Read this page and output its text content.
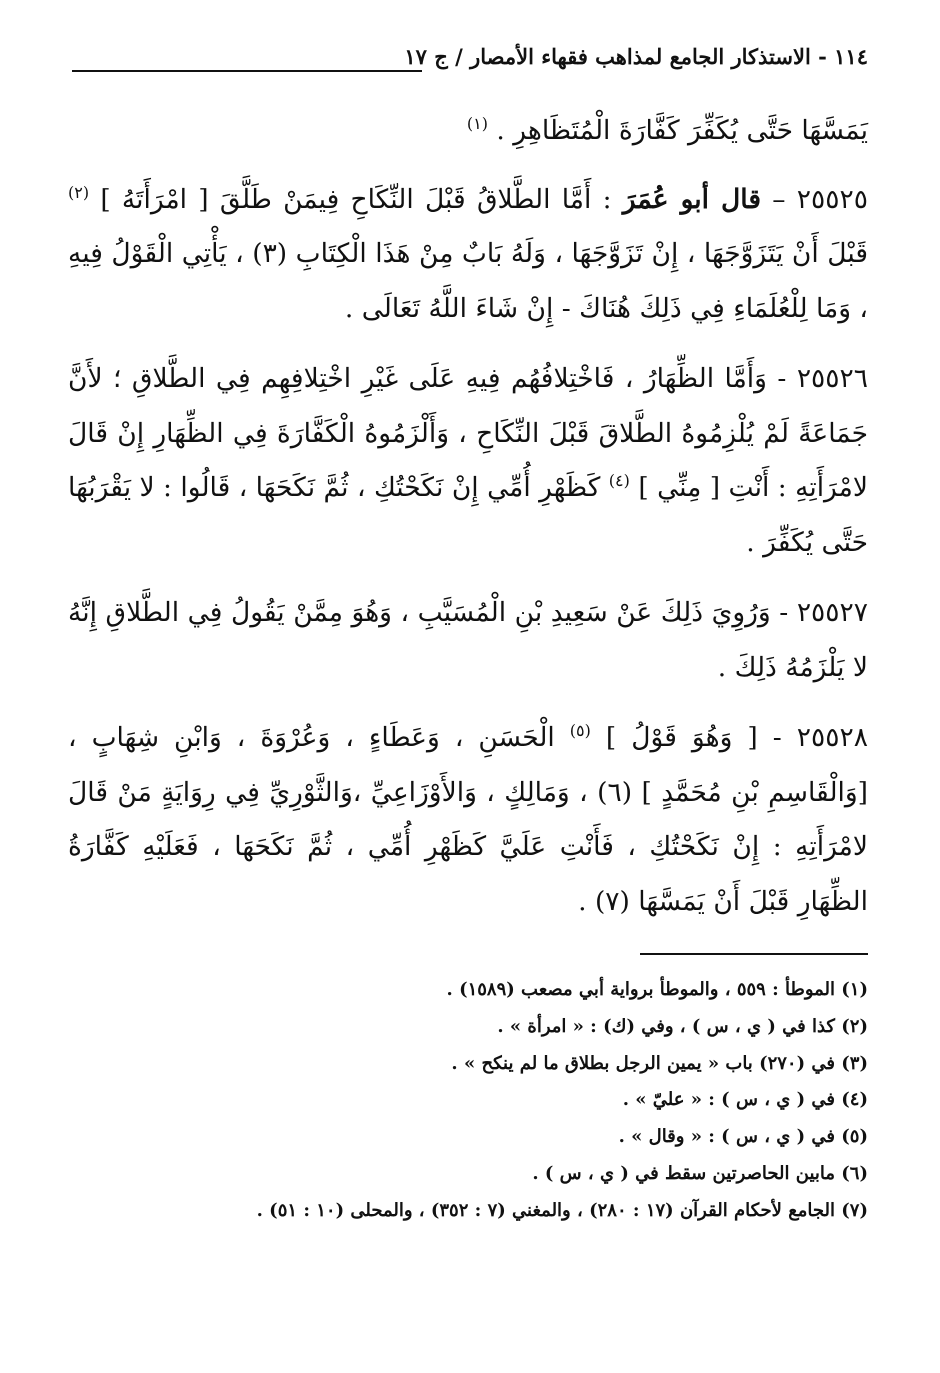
١١٤ - الاستذكار الجامع لمذاهب فقهاء الأمصار / ج ١٧

يَمَسَّهَا حَتَّى يُكَفِّرَ كَفَّارَةَ الْمُتَظَاهِرِ . $^{(١)}$

٢٥٥٢٥ – قال أبو عُمَرَ : أَمَّا الطَّلاقُ قَبْلَ النِّكَاحِ فِيمَنْ طَلَّقَ [ امْرَأَتَهُ ] $^{(٢)}$ قَبْلَ أَنْ يَتَزَوَّجَهَا ، إِنْ تَزَوَّجَهَا ، وَلَهُ بَابٌ مِنْ هَذَا الْكِتَابِ (٣) ، يَأْتِي الْقَوْلُ فِيهِ ، وَمَا لِلْعُلَمَاءِ فِي ذَلِكَ هُنَاكَ - إِنْ شَاءَ اللَّهُ تَعَالَى .

٢٥٥٢٦ - وَأَمَّا الظِّهَارُ ، فَاخْتِلافُهُم فِيهِ عَلَى غَيْرِ اخْتِلافِهِم فِي الطَّلاقِ ؛ لأَنَّ جَمَاعَةً لَمْ يُلْزِمُوهُ الطَّلاقَ قَبْلَ النِّكَاحِ ، وَأَلْزَمُوهُ الْكَفَّارَةَ فِي الظِّهَارِ إِنْ قَالَ لامْرَأَتِهِ : أَنْتِ [ مِنِّي ] $^{(٤)}$ كَظَهْرِ أُمِّي إِنْ نَكَحْتُكِ ، ثُمَّ نَكَحَهَا ، قَالُوا : لا يَقْرَبُهَا حَتَّى يُكَفِّرَ .

٢٥٥٢٧ - وَرُوِيَ ذَلِكَ عَنْ سَعِيدِ بْنِ الْمُسَيَّبِ ، وَهُوَ مِمَّنْ يَقُولُ فِي الطَّلاقِ إِنَّهُ لا يَلْزَمُهُ ذَلِكَ .

٢٥٥٢٨ - [ وَهُوَ قَوْلُ ] $^{(٥)}$ الْحَسَنِ ، وَعَطَاءٍ ، وَعُرْوَةَ ، وَابْنِ شِهَابٍ ، [وَالْقَاسِمِ بْنِ مُحَمَّدٍ ] (٦) ، وَمَالِكٍ ، وَالأَوْزَاعِيِّ ،وَالثَّوْرِيِّ فِي رِوَايَةٍ مَنْ قَالَ لامْرَأَتِهِ : إِنْ نَكَحْتُكِ ، فَأَنْتِ عَلَيَّ كَظَهْرِ أُمِّي ، ثُمَّ نَكَحَهَا ، فَعَلَيْهِ كَفَّارَةُ الظِّهَارِ قَبْلَ أَنْ يَمَسَّهَا (٧) .

(١) الموطأ : ٥٥٩ ، والموطأ برواية أبي مصعب (١٥٨٩) .

(٢) كذا في ( ي ، س ) ، وفي (ك) : « امرأة » .

(٣) في (٢٧٠) باب « يمين الرجل بطلاق ما لم ينكح » .

(٤) في ( ي ، س ) : « عليّ » .

(٥) في ( ي ، س ) : « وقال » .

(٦) مابين الحاصرتين سقط في ( ي ، س ) .

(٧) الجامع لأحكام القرآن (١٧ : ٢٨٠) ، والمغني (٧ : ٣٥٢) ، والمحلى (١٠ : ٥١) .
